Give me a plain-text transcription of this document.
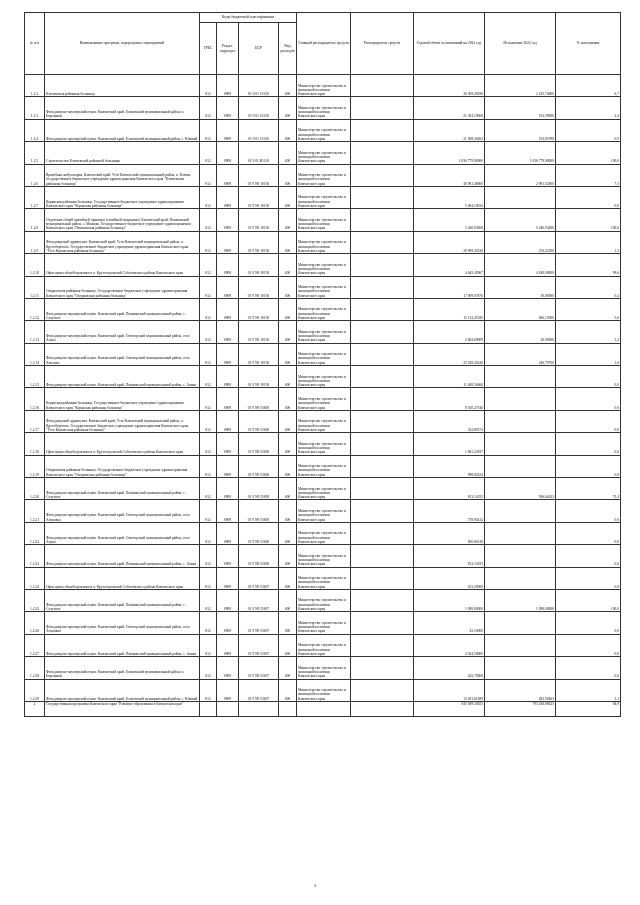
№ п/п	Наименование программ, подпрограмм, мероприятий	Коды бюджетной классификации				Главный распорядитель средств	Распорядитель средств	Годовой объем ассигнований на 2022 год	Исполнение 2022 год	% исполнения
		ГРБС	Раздел, подраздел	ЦСР	Вид расходов					
1.2.2	Ключевская районная больница	812	0909	01 9 01 10130	400	Министерство строительства и жилищной политики Камчатского края		36 309,28190	2 415,74000	6,7
1.2.3	Фельдшерско-акушерский пункт. Камчатский край, Елизовский муниципальный район, п. Березняки	812	0909	01 9 01 10130	400	Министерство строительства и жилищной политики Камчатского края		21 394,10000	513,59000	2,4
1.2.4	Фельдшерско-акушерский пункт. Камчатский край, Елизовский муниципальный район, с. Южный	812	0909	01 9 01 10130	400	Министерство строительства и жилищной политики Камчатского края		21 508,30262	192,83788	0,9
1.2.5	Строительство Ключевской районной больницы	812	0909	01 9 01 R1110	400	Министерство строительства и жилищной политики Камчатского края		1 036 779,90000	1 036 779,90000	100,0
1.2.6	Врачебная амбулатория. Камчатский край, Усть-Камчатский муниципальный район, п. Ключи, государственное бюджетное учреждение здравоохранения Камчатского края "Ключевская районная больница"	812	0909	01 9 N9 10130	400	Министерство строительства и жилищной политики Камчатского края		40 961,40000	2 991,52500	7,3
1.2.7	Корякская районная больница. Государственное бюджетное учреждение здравоохранения Камчатского края "Корякская районная больница"	812	0909	01 9 N9 10130	400	Министерство строительства и жилищной политики Камчатского края		5 404,10034		0,0
1.2.8	Отделение общей врачебной практики (семейной медицины). Камчатский край, Пенжинский муниципальный район, с. Манилы. Государственное бюджетное учреждение здравоохранения Камчатского края "Пенжинская районная больница"	812	0909	01 9 N9 10130	400	Министерство строительства и жилищной политики Камчатского края		5 440,94300	5 440,94300	100,0
1.2.9	Фельдшерский здравпункт. Камчатский край, Усть-Камчатский муниципальный район, п. Крутоберегово. Государственное бюджетное учреждение здравоохранения Камчатского края "Усть-Камчатская районная больница"	812	0909	01 9 N9 10130	400	Министерство строительства и жилищной политики Камчатского края		20 909,45320	276,22500	1,3
1.2.10	Офис врача общей практики в п. Крутогоровский Соболевского района Камчатского края	812	0909	01 9 N9 10130	400	Министерство строительства и жилищной политики Камчатского края		4 645,45967	4 630,00000	99,6
1.2.11	Озерновская районная больница. Государственное бюджетное учреждение здравоохранения Камчатского края "Озерновская районная больница"	812	0909	01 9 N9 10130	400	Министерство строительства и жилищной политики Камчатского края		17 009,07676	30,00000	0,2
1.2.12	Фельдшерско-акушерский пункт. Камчатский край, Пенжинский муниципальный район, с. Слаутное	812	0909	01 9 N9 10130	400	Министерство строительства и жилищной политики Камчатского края		15 132,21045	846,15000	5,6
1.2.13	Фельдшерско-акушерский пункт. Камчатский край, Олюторский муниципальный район, село Апука	812	0909	01 9 N9 10130	400	Министерство строительства и жилищной политики Камчатского края		2 604,69009	30,00000	1,2
1.2.14	Фельдшерско-акушерский пункт. Камчатский край, Олюторский муниципальный район, село Хаилино	812	0909	01 9 N9 10130	400	Министерство строительства и жилищной политики Камчатского края		25 528,26226	246,79700	1,0
1.2.15	Фельдшерско-акушерский пункт. Камчатский край, Пенжинский муниципальный район, с. Аянка	812	0909	01 9 N9 10130	400	Министерство строительства и жилищной политики Камчатского края		11 408,54668		0,0
1.2.16	Корякская районная больница. Государственное бюджетное учреждение здравоохранения Камчатского края "Корякская районная больница"	812	0909	01 9 N9 53650	400	Министерство строительства и жилищной политики Камчатского края		8 530,27546		0,0
1.2.17	Фельдшерский здравпункт. Камчатский край, Усть-Камчатский муниципальный район, п. Крутоберегово. Государственное бюджетное учреждение здравоохранения Камчатского края "Усть-Камчатская районная больница"	812	0909	01 9 N9 53650	400	Министерство строительства и жилищной политики Камчатского края		332,89374		0,0
1.2.18	Офис врача общей практики в п. Крутогоровский Соболевского района Камчатского края	812	0909	01 9 N9 53650	400	Министерство строительства и жилищной политики Камчатского края		1 681,22937		0,0
1.2.19	Озерновская районная больница. Государственное бюджетное учреждение здравоохранения Камчатского края "Озерновская районная больница"	812	0909	01 9 N9 53650	400	Министерство строительства и жилищной политики Камчатского края		998,04324		0,0
1.2.20	Фельдшерско-акушерский пункт. Камчатский край, Пенжинский муниципальный район, с. Слаутное	812	0909	01 9 N9 53650	400	Министерство строительства и жилищной политики Камчатского края		813,14355	596,64433	73,4
1.2.21	Фельдшерско-акушерский пункт. Камчатский край, Олюторский муниципальный район, село Апуковка	812	0909	01 9 N9 53650	400	Министерство строительства и жилищной политики Камчатского края		739,94414		0,0
1.2.22	Фельдшерско-акушерский пункт. Камчатский край, Олюторский муниципальный район, село Апука	812	0909	01 9 N9 53650	400	Министерство строительства и жилищной политики Камчатского края		850,06149		0,0
1.2.23	Фельдшерско-акушерский пункт. Камчатский край, Пенжинский муниципальный район, с. Аянка	812	0909	01 9 N9 53650	400	Министерство строительства и жилищной политики Камчатского края		813,14355		0,0
1.2.24	Офис врача общей практики в п. Крутогоровский Соболевского района Камчатского края	812	0909	01 9 N9 53657	400	Министерство строительства и жилищной политики Камчатского края		252,50000		0,0
1.2.25	Фельдшерско-акушерский пункт. Камчатский край, Пенжинский муниципальный район, с. Слаутное	812	0909	01 9 N9 53657	400	Министерство строительства и жилищной политики Камчатского края		1 098,00000	1 098,00000	100,0
1.2.26	Фельдшерско-акушерский пункт. Камчатский край, Олюторский муниципальный район, село Апуковка	812	0909	01 9 N9 53657	400	Министерство строительства и жилищной политики Камчатского края		45,10000		0,0
1.2.27	Фельдшерско-акушерский пункт. Камчатский край, Пенжинский муниципальный район, с. Аянка	812	0909	01 9 N9 53657	400	Министерство строительства и жилищной политики Камчатского края		2 024,50000		0,0
1.2.28	Фельдшерско-акушерский пункт. Камчатский край, Елизовский муниципальный район, п. Березняки	812	0909	01 9 N9 53657	400	Министерство строительства и жилищной политики Камчатского края		425,70000		0,0
1.2.29	Фельдшерско-акушерский пункт. Камчатский край, Елизовский муниципальный район, с. Южный	812	0909	01 9 N9 53657	400	Министерство строительства и жилищной политики Камчатского края		13 491,61698	282,58463	2,1
2	Государственная программа Камчатского края "Развитие образования в Камчатском крае"							835 569,33653	793 436,89423	94,9
4
